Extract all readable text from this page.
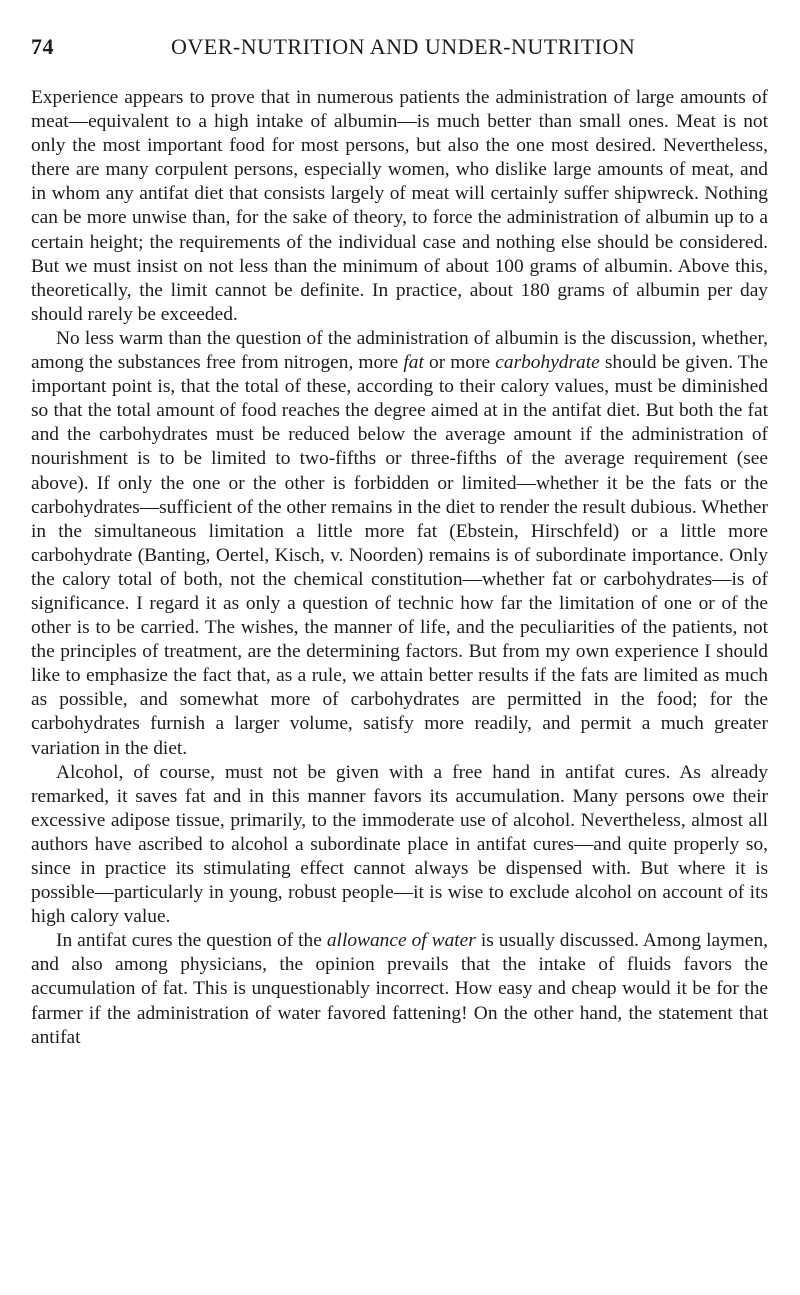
74	OVER-NUTRITION AND UNDER-NUTRITION

Experience appears to prove that in numerous patients the administration of large amounts of meat—equivalent to a high intake of albumin—is much better than small ones. Meat is not only the most important food for most persons, but also the one most desired. Nevertheless, there are many corpulent persons, especially women, who dislike large amounts of meat, and in whom any antifat diet that consists largely of meat will certainly suffer shipwreck. Nothing can be more unwise than, for the sake of theory, to force the administration of albumin up to a certain height; the requirements of the individual case and nothing else should be considered. But we must insist on not less than the minimum of about 100 grams of albumin. Above this, theoretically, the limit cannot be definite. In practice, about 180 grams of albumin per day should rarely be exceeded.

No less warm than the question of the administration of albumin is the discussion, whether, among the substances free from nitrogen, more fat or more carbohydrate should be given. The important point is, that the total of these, according to their calory values, must be diminished so that the total amount of food reaches the degree aimed at in the antifat diet. But both the fat and the carbohydrates must be reduced below the average amount if the administration of nourishment is to be limited to two-fifths or three-fifths of the average requirement (see above). If only the one or the other is forbidden or limited—whether it be the fats or the carbohydrates—sufficient of the other remains in the diet to render the result dubious. Whether in the simultaneous limitation a little more fat (Ebstein, Hirschfeld) or a little more carbohydrate (Banting, Oertel, Kisch, v. Noorden) remains is of subordinate importance. Only the calory total of both, not the chemical constitution—whether fat or carbohydrates—is of significance. I regard it as only a question of technic how far the limitation of one or of the other is to be carried. The wishes, the manner of life, and the peculiarities of the patients, not the principles of treatment, are the determining factors. But from my own experience I should like to emphasize the fact that, as a rule, we attain better results if the fats are limited as much as possible, and somewhat more of carbohydrates are permitted in the food; for the carbohydrates furnish a larger volume, satisfy more readily, and permit a much greater variation in the diet.

Alcohol, of course, must not be given with a free hand in antifat cures. As already remarked, it saves fat and in this manner favors its accumulation. Many persons owe their excessive adipose tissue, primarily, to the immoderate use of alcohol. Nevertheless, almost all authors have ascribed to alcohol a subordinate place in antifat cures—and quite properly so, since in practice its stimulating effect cannot always be dispensed with. But where it is possible—particularly in young, robust people—it is wise to exclude alcohol on account of its high calory value.

In antifat cures the question of the allowance of water is usually discussed. Among laymen, and also among physicians, the opinion prevails that the intake of fluids favors the accumulation of fat. This is unquestionably incorrect. How easy and cheap would it be for the farmer if the administration of water favored fattening! On the other hand, the statement that antifat
